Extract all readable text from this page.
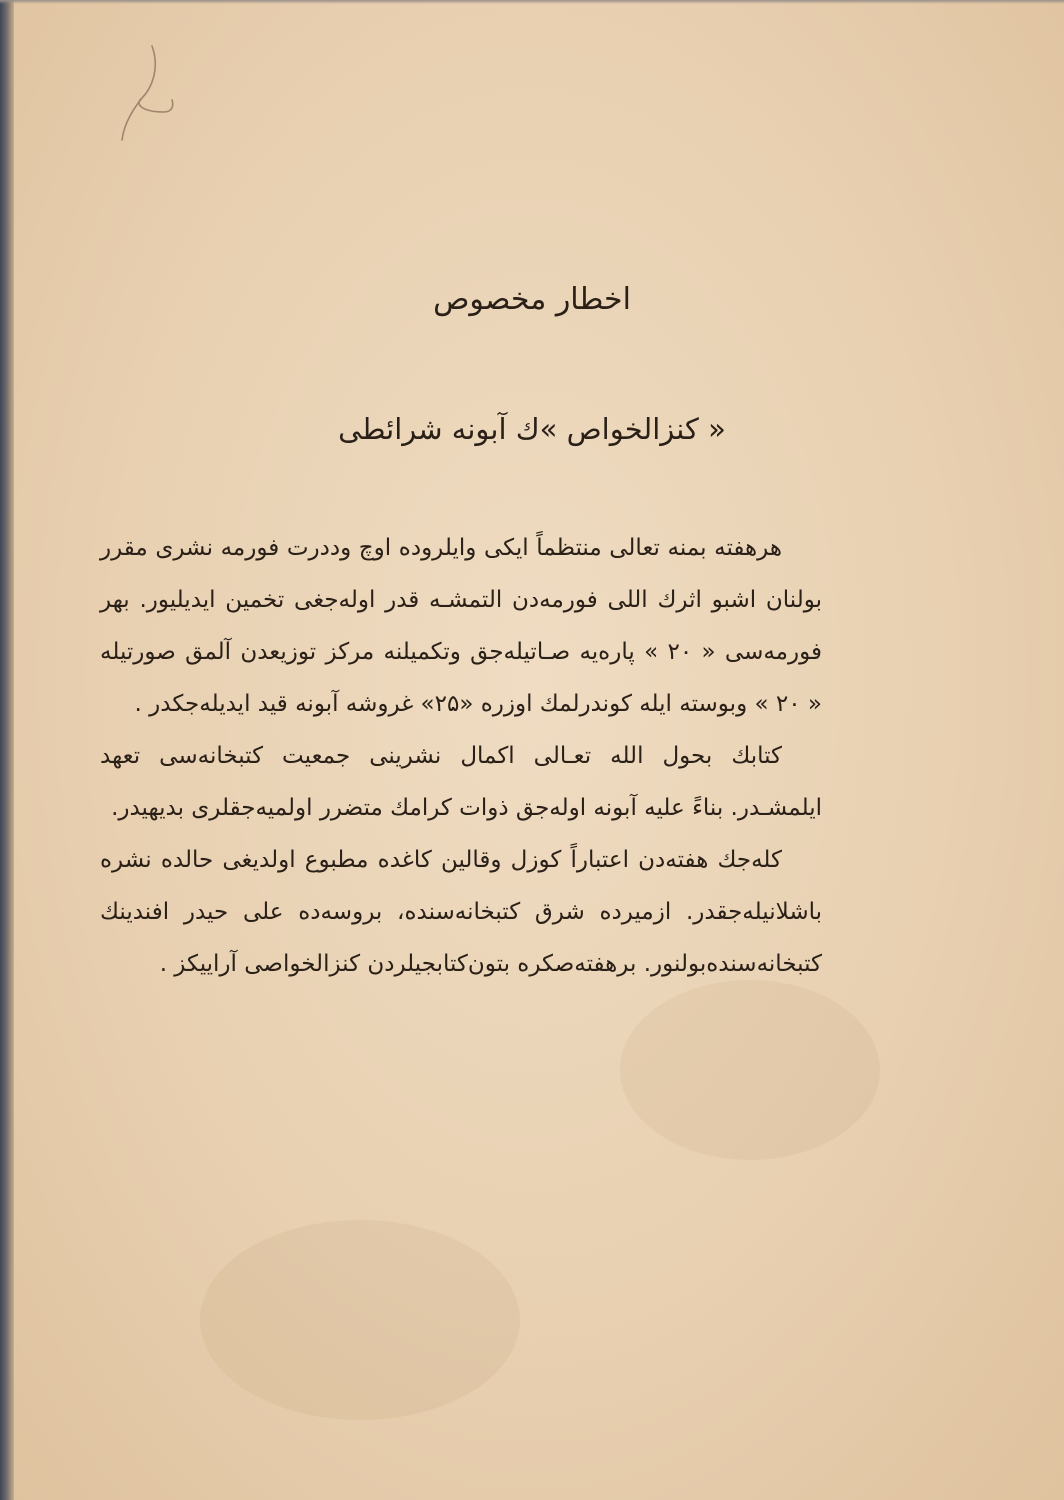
اخطار مخصوص
« كنزالخواص »ك آبونه شرائطی

هرهفته بمنه تعالی منتظماً ایكی وایلروده اوچ وددرت فورمه نشری مقرر بولنان اشبو اثرك اللی فورمه‌دن التمشـه قدر اوله‌جغی تخمین ایدیلیور. بهر فورمه‌سی « ۲۰ » پاره‌یه صـاتیله‌جق وتكمیلنه مركز توزیعدن آلمق صورتیله « ۲۰ » وبوسته ایله كوندرلمك اوزره «۲۵» غروشه آبونه قید ایدیله‌جكدر .

كتابك بحول الله تعـالی اكمال نشرینی جمعیت كتبخانه‌سی تعهد ایلمشـدر. بناءً علیه آبونه اوله‌جق ذوات كرامك متضرر اولمیه‌جقلری بدیهیدر.

كله‌جك هفته‌دن اعتباراً كوزل وقالین كاغده مطبوع اولدیغی حالده نشره باشلانیله‌جقدر. ازمیرده شرق كتبخانه‌سنده، بروسه‌ده علی حیدر افندینك كتبخانه‌سنده‌بولنور. برهفته‌صكره بتون‌كتابجیلردن كنزالخواصی آرایيكز .
